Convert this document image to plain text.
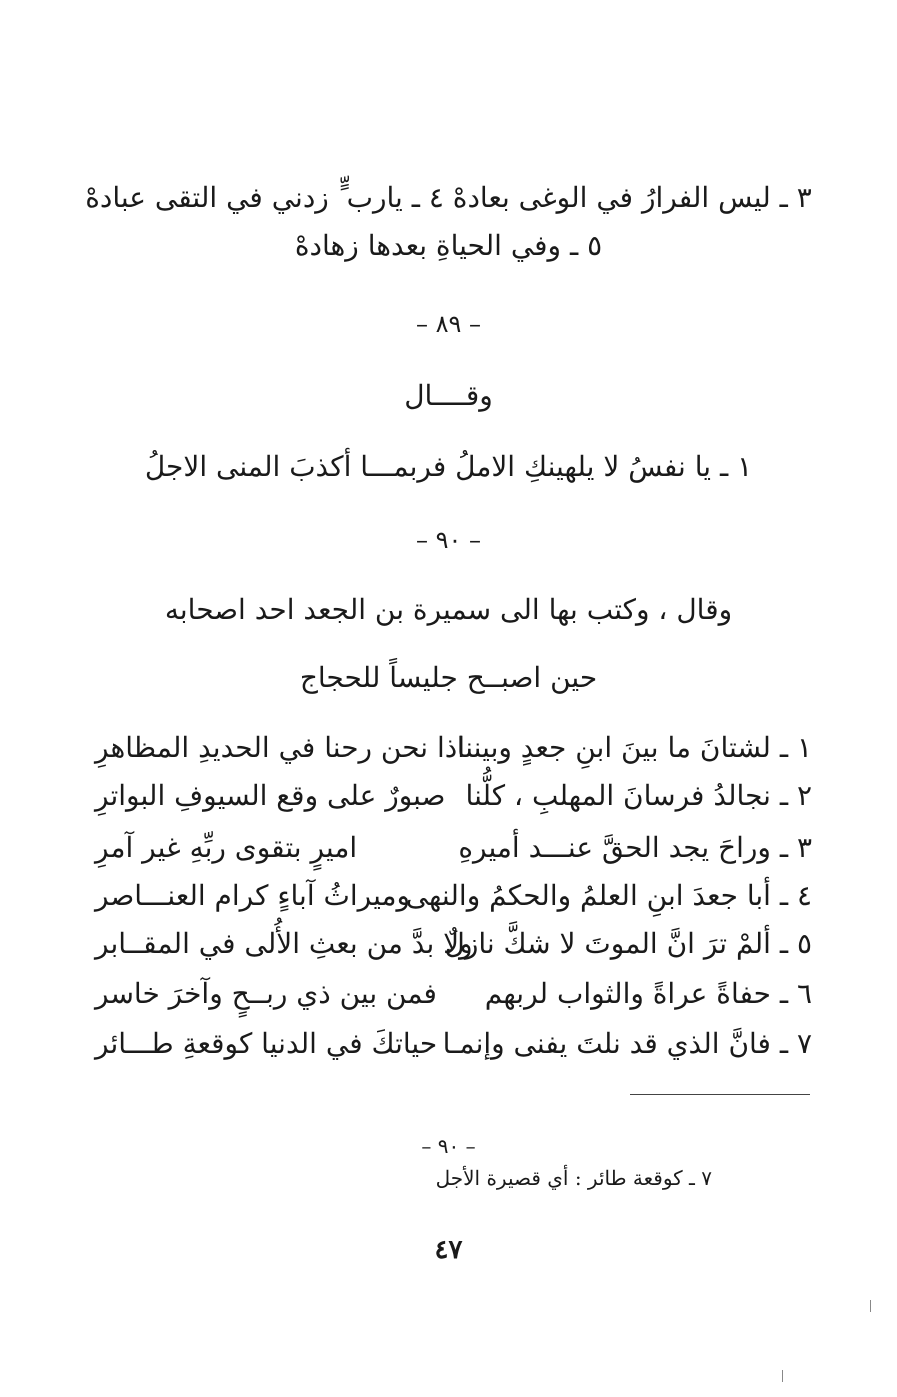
٣ ـ ليس الفرارُ في الوغى بعادهْ ٤ ـ يارب ٍّ زدني في التقى عبادهْ
٥ ـ وفي الحياةِ بعدها زهادهْ
– ٨٩ –
وقــــال
١ ـ يا نفسُ لا يلهينكِ الاملُ فربمـــا أكذبَ المنى الاجلُ
– ٩٠ –
وقال ، وكتب بها الى سميرة بن الجعد احد اصحابه
حين اصبــح جليساً للحجاج
١ ـ لشتانَ ما بينَ ابنِ جعدٍ وبيننا
٢ ـ نجالدُ فرسانَ المهلبِ ، كلُّنا
٣ ـ وراحَ يجد الحقَّ عنـــد أميرهِ
٤ ـ أبا جعدَ ابنِ العلمُ والحكمُ والنهى
٥ ـ ألمْ ترَ انَّ الموتَ لا شكَّ نازلٌ
٦ ـ حفاةً عراةً والثواب لربهم
٧ ـ فانَّ الذي قد نلتَ يفنى وإنمـا
اذا نحن رحنا في الحديدِ المظاهرِ
صبورٌ على وقع السيوفِ البواترِ
اميرٍ بتقوى ربِّهِ غير آمرِ
وميراثُ آباءٍ كرام العنـــاصر
ولا بدَّ من بعثِ الأُلى في المقــابر
فمن بين ذي ربــحٍ وآخرَ خاسر
حياتكَ في الدنيا كوقعةِ طـــائر
– ٩٠ –
٧ ـ كوقعة طائر : أي قصيرة الأجل
٤٧
